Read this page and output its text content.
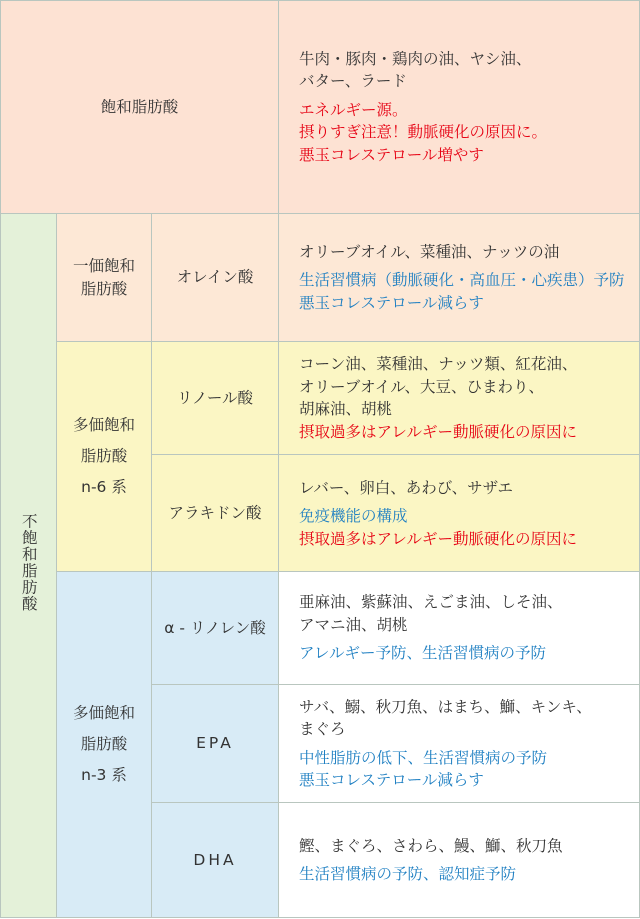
飽和脂肪酸			牛肉・豚肉・鶏肉の油、ヤシ油、
バター、ラード
エネルギー源。
摂りすぎ注意！動脈硬化の原因に。
悪玉コレステロール増やす

不飽和脂肪酸	一価飽和
脂肪酸	オレイン酸	オリーブオイル、菜種油、ナッツの油
生活習慣病（動脈硬化・高血圧・心疾患）予防
悪玉コレステロール減らす

	多価飽和
脂肪酸
n-6 系	リノール酸	コーン油、菜種油、ナッツ類、紅花油、
オリーブオイル、大豆、ひまわり、
胡麻油、胡桃
摂取過多はアレルギー動脈硬化の原因に

		アラキドン酸	レバー、卵白、あわび、サザエ
免疫機能の構成
摂取過多はアレルギー動脈硬化の原因に

	多価飽和
脂肪酸
n-3 系	α - リノレン酸	亜麻油、紫蘇油、えごま油、しそ油、
アマニ油、胡桃
アレルギー予防、生活習慣病の予防

		EPA	サバ、鰯、秋刀魚、はまち、鰤、キンキ、
まぐろ
中性脂肪の低下、生活習慣病の予防
悪玉コレステロール減らす

		DHA	鰹、まぐろ、さわら、鰻、鰤、秋刀魚
生活習慣病の予防、認知症予防
